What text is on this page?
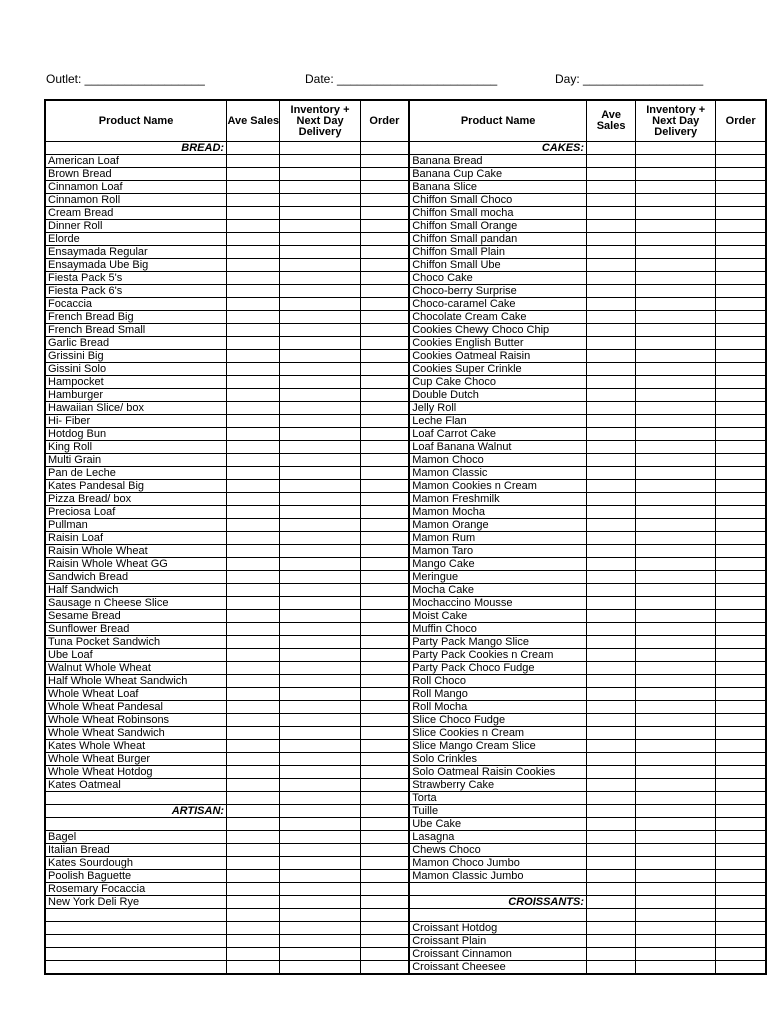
Outlet: __________________	Date: ________________________	Day: __________________
Product Name	Ave Sales	Inventory + Next Day Delivery	Order	Product Name	Ave Sales	Inventory + Next Day Delivery	Order
BREAD:				CAKES:			
American Loaf				Banana Bread			
Brown Bread				Banana Cup Cake			
Cinnamon Loaf				Banana Slice			
Cinnamon Roll				Chiffon Small Choco			
Cream Bread				Chiffon Small mocha			
Dinner Roll				Chiffon Small Orange			
Elorde				Chiffon Small pandan			
Ensaymada Regular				Chiffon Small Plain			
Ensaymada Ube Big				Chiffon Small Ube			
Fiesta Pack 5's				Choco Cake			
Fiesta Pack 6's				Choco-berry Surprise			
Focaccia				Choco-caramel Cake			
French Bread Big				Chocolate Cream Cake			
French Bread Small				Cookies Chewy Choco Chip			
Garlic Bread				Cookies English Butter			
Grissini Big				Cookies Oatmeal Raisin			
Gissini Solo				Cookies Super Crinkle			
Hampocket				Cup Cake Choco			
Hamburger				Double Dutch			
Hawaiian Slice/ box				Jelly Roll			
Hi- Fiber				Leche Flan			
Hotdog Bun				Loaf Carrot Cake			
King Roll				Loaf Banana Walnut			
Multi Grain				Mamon Choco			
Pan de Leche				Mamon Classic			
Kates Pandesal Big				Mamon Cookies n Cream			
Pizza Bread/ box				Mamon Freshmilk			
Preciosa Loaf				Mamon Mocha			
Pullman				Mamon Orange			
Raisin Loaf				Mamon Rum			
Raisin Whole Wheat				Mamon Taro			
Raisin Whole Wheat GG				Mango Cake			
Sandwich Bread				Meringue			
Half Sandwich				Mocha Cake			
Sausage n Cheese Slice				Mochaccino Mousse			
Sesame Bread				Moist Cake			
Sunflower Bread				Muffin Choco			
Tuna Pocket Sandwich				Party Pack Mango Slice			
Ube Loaf				Party Pack Cookies n Cream			
Walnut Whole Wheat				Party Pack Choco Fudge			
Half Whole Wheat Sandwich				Roll Choco			
Whole Wheat Loaf				Roll Mango			
Whole Wheat Pandesal				Roll Mocha			
Whole Wheat Robinsons				Slice Choco Fudge			
Whole Wheat Sandwich				Slice Cookies n Cream			
Kates Whole Wheat				Slice Mango Cream Slice			
Whole Wheat Burger				Solo Crinkles			
Whole Wheat Hotdog				Solo Oatmeal Raisin Cookies			
Kates Oatmeal				Strawberry Cake			
				Torta			
ARTISAN:				Tuille			
				Ube Cake			
Bagel				Lasagna			
Italian Bread				Chews Choco			
Kates Sourdough				Mamon Choco Jumbo			
Poolish Baguette				Mamon Classic Jumbo			
Rosemary Focaccia							
New York Deli Rye				CROISSANTS:			

				Croissant Hotdog			
				Croissant Plain			
				Croissant Cinnamon			
				Croissant Cheesee			
